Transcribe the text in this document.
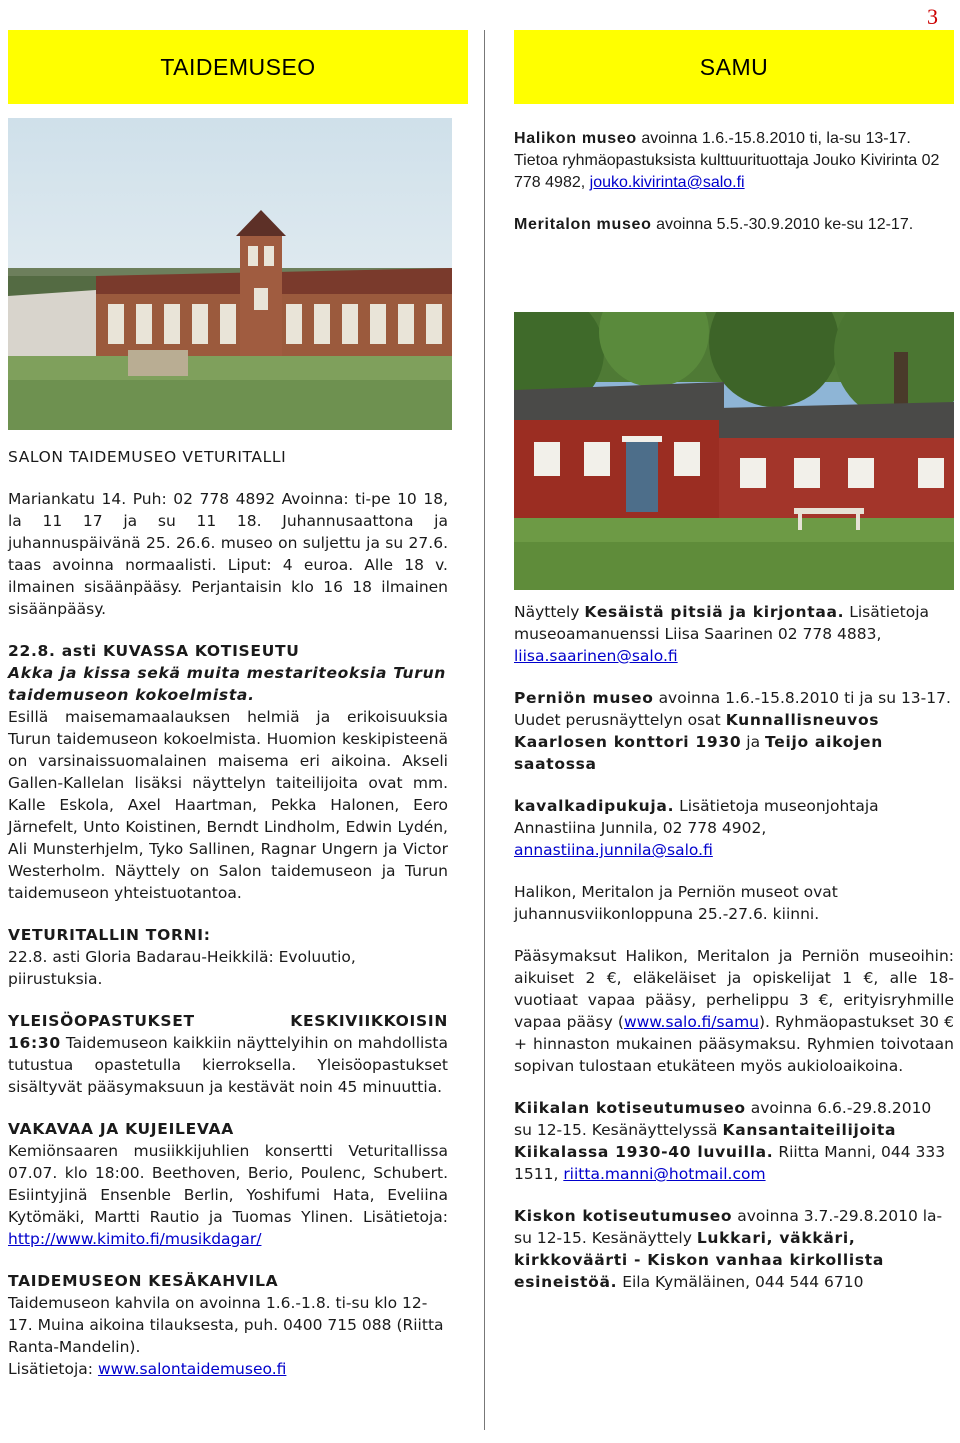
3
TAIDEMUSEO	SAMU

SALON TAIDEMUSEO VETURITALLI

Mariankatu 14. Puh: 02 778 4892 Avoinna: ti-pe 10 18, la 11 17 ja su 11 18. Juhannusaattona ja juhannuspäivänä 25. 26.6. museo on suljettu ja su 27.6. taas avoinna normaalisti. Liput: 4 euroa. Alle 18 v. ilmainen sisäänpääsy. Perjantaisin klo 16 18 ilmainen sisäänpääsy.

22.8. asti KUVASSA KOTISEUTU

Akka ja kissa sekä muita mestariteoksia Turun taidemuseon kokoelmista.

Esillä maisemamaalauksen helmiä ja erikoisuuksia Turun taidemuseon kokoelmista. Huomion keskipisteenä on varsinaissuomalainen maisema eri aikoina. Akseli Gallen-Kallelan lisäksi näyttelyn taiteilijoita ovat mm. Kalle Eskola, Axel Haartman, Pekka Halonen, Eero Järnefelt, Unto Koistinen, Berndt Lindholm, Edwin Lydén, Ali Munsterhjelm, Tyko Sallinen, Ragnar Ungern ja Victor Westerholm. Näyttely on Salon taidemuseon ja Turun taidemuseon yhteistuotantoa.

VETURITALLIN TORNI:

22.8. asti Gloria Badarau-Heikkilä: Evoluutio, piirustuksia.

YLEISÖOPASTUKSET	KESKIVIIKKOISIN 16:30 Taidemuseon kaikkiin näyttelyihin on mahdollista tutustua opastetulla kierroksella. Yleisöopastukset sisältyvät pääsymaksuun ja kestävät noin 45 minuuttia.

VAKAVAA JA KUJEILEVAA

Kemiönsaaren musiikkijuhlien konsertti Veturitallissa 07.07. klo 18:00. Beethoven, Berio, Poulenc, Schubert. Esiintyjinä Ensenble Berlin, Yoshifumi Hata, Eveliina Kytömäki, Martti Rautio ja Tuomas Ylinen. Lisätietoja: http://www.kimito.fi/musikdagar/

TAIDEMUSEON KESÄKAHVILA

Taidemuseon kahvila on avoinna 1.6.-1.8. ti-su klo 12-17. Muina aikoina tilauksesta, puh. 0400 715 088 (Riitta Ranta-Mandelin).

Lisätietoja: www.salontaidemuseo.fi

Halikon museo avoinna 1.6.-15.8.2010 ti, la-su 13-17. Tietoa ryhmäopastuksista kulttuurituottaja Jouko Kivirinta 02 778 4982, jouko.kivirinta@salo.fi

Meritalon museo avoinna 5.5.-30.9.2010 ke-su 12-17.

Näyttely Kesäistä pitsiä ja kirjontaa. Lisätietoja museoamanuenssi Liisa Saarinen 02 778 4883, liisa.saarinen@salo.fi

Perniön museo avoinna 1.6.-15.8.2010 ti ja su 13-17. Uudet perusnäyttelyn osat Kunnallisneuvos Kaarlosen konttori 1930 ja Teijo aikojen saatossa

kavalkadipukuja. Lisätietoja museonjohtaja Annastiina Junnila, 02 778 4902, annastiina.junnila@salo.fi

Halikon, Meritalon ja Perniön museot ovat juhannusviikonloppuna 25.-27.6. kiinni.

Pääsymaksut Halikon, Meritalon ja Perniön museoihin: aikuiset 2 €, eläkeläiset ja opiskelijat 1 €, alle 18-vuotiaat vapaa pääsy, perhelippu 3 €, erityisryhmille vapaa pääsy (www.salo.fi/samu). Ryhmäopastukset 30 € + hinnaston mukainen pääsymaksu. Ryhmien toivotaan sopivan tulostaan etukäteen myös aukioloaikoina.

Kiikalan kotiseutumuseo avoinna 6.6.-29.8.2010 su 12-15. Kesänäyttelyssä Kansantaiteilijoita Kiikalassa 1930-40 luvuilla. Riitta Manni, 044 333 1511, riitta.manni@hotmail.com

Kiskon kotiseutumuseo avoinna 3.7.-29.8.2010 la-su 12-15. Kesänäyttely Lukkari, väkkäri, kirkkoväärti - Kiskon vanhaa kirkollista esineistöä. Eila Kymäläinen, 044 544 6710
